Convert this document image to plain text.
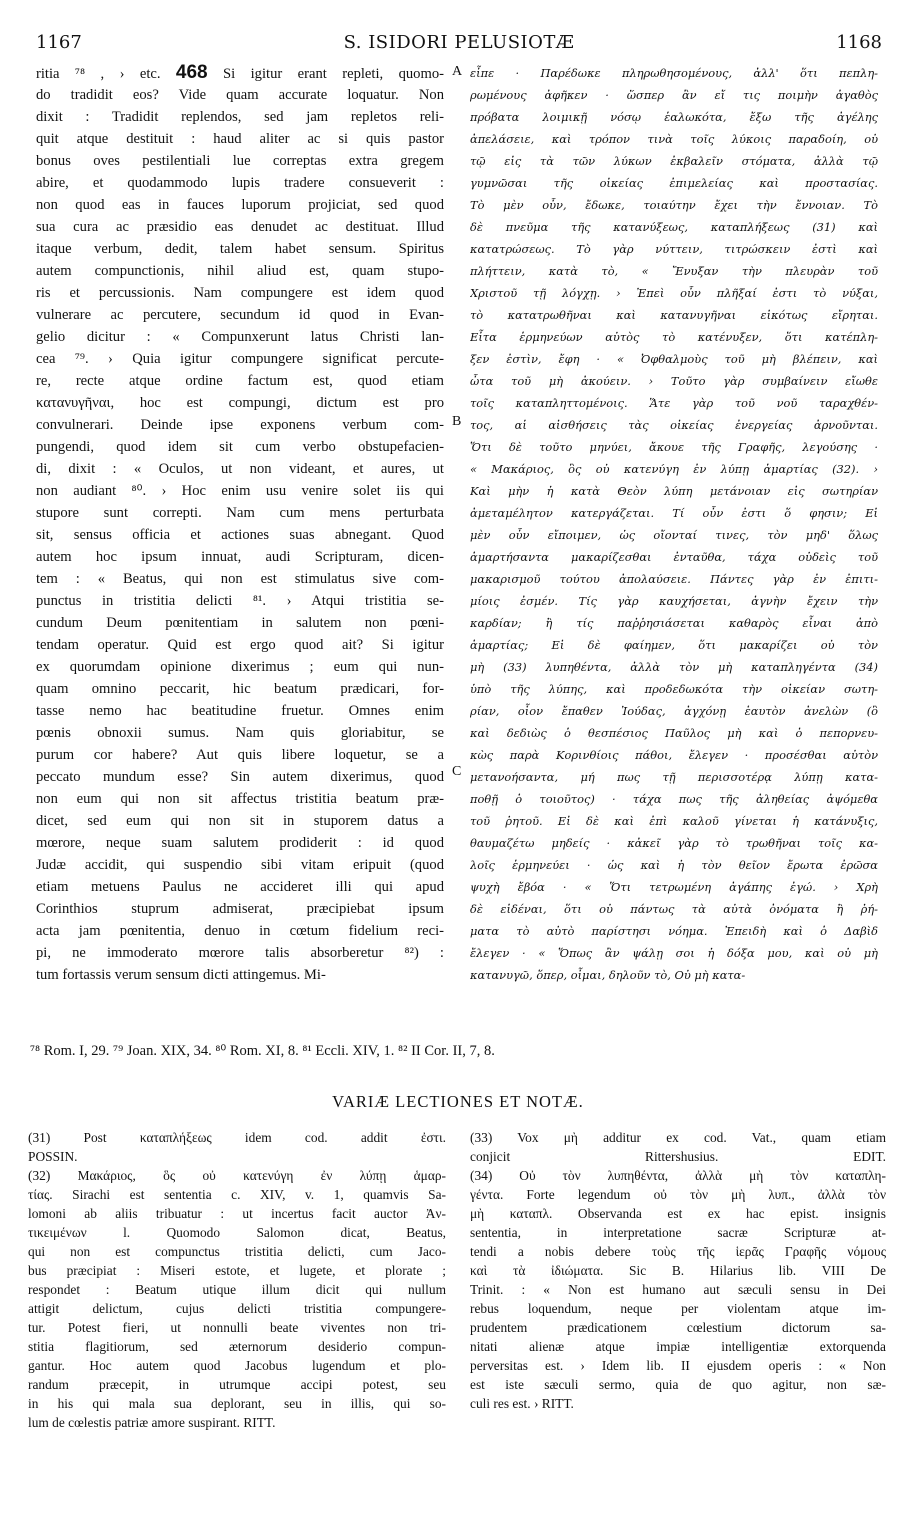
1167	S. ISIDORI PELUSIOTÆ	1168
ritia ⁷⁸ , › etc. 468 Si igitur erant repleti, quomo-
do tradidit eos? Vide quam accurate loquatur. Non
dixit : Tradidit replendos, sed jam repletos reli-
quit atque destituit : haud aliter ac si quis pastor
bonus oves pestilentiali lue correptas extra gregem
abire, et quodammodo lupis tradere consueverit :
non quod eas in fauces luporum projiciat, sed quod
sua cura ac præsidio eas denudet ac destituat. Illud
itaque verbum, dedit, talem habet sensum. Spiritus
autem compunctionis, nihil aliud est, quam stupo-
ris et percussionis. Nam compungere est idem quod
vulnerare ac percutere, secundum id quod in Evan-
gelio dicitur : « Compunxerunt latus Christi lan-
cea ⁷⁹. › Quia igitur compungere significat percute-
re, recte atque ordine factum est, quod etiam
κατανυγῆναι, hoc est compungi, dictum est pro
convulnerari. Deinde ipse exponens verbum com-
pungendi, quod idem sit cum verbo obstupefacien-
di, dixit : « Oculos, ut non videant, et aures, ut
non audiant ⁸⁰. › Hoc enim usu venire solet iis qui
stupore sunt correpti. Nam cum mens perturbata
sit, sensus officia et actiones suas abnegant. Quod
autem hoc ipsum innuat, audi Scripturam, dicen-
tem : « Beatus, qui non est stimulatus sive com-
punctus in tristitia delicti ⁸¹. › Atqui tristitia se-
cundum Deum pœnitentiam in salutem non pœni-
tendam operatur. Quid est ergo quod ait? Si igitur
ex quorumdam opinione dixerimus ; eum qui nun-
quam omnino peccarit, hic beatum prædicari, for-
tasse nemo hac beatitudine fruetur. Omnes enim
pœnis obnoxii sumus. Nam quis gloriabitur, se
purum cor habere? Aut quis libere loquetur, se a
peccato mundum esse? Sin autem dixerimus, quod
non eum qui non sit affectus tristitia beatum præ-
dicet, sed eum qui non sit in stuporem datus a
mœrore, neque suam salutem prodiderit : id quod
Judæ accidit, qui suspendio sibi vitam eripuit (quod
etiam metuens Paulus ne accideret illi qui apud
Corinthios stuprum admiserat, præcipiebat ipsum
acta jam pœnitentia, denuo in cœtum fidelium reci-
pi, ne immoderato mœrore talis absorberetur ⁸²) :
tum fortassis verum sensum dicti attingemus. Mi-
εἶπε · Παρέδωκε πληρωθησομένους, ἀλλ' ὅτι πεπλη-
ρωμένους ἀφῆκεν · ὥσπερ ἂν εἴ τις ποιμὴν ἀγαθὸς
πρόβατα λοιμικῇ νόσῳ ἑαλωκότα, ἔξω τῆς ἀγέλης
ἀπελάσειε, καὶ τρόπον τινὰ τοῖς λύκοις παραδοίη, οὐ
τῷ εἰς τὰ τῶν λύκων ἐκβαλεῖν στόματα, ἀλλὰ τῷ
γυμνῶσαι τῆς οἰκείας ἐπιμελείας καὶ προστασίας.
Τὸ μὲν οὖν, ἔδωκε, τοιαύτην ἔχει τὴν ἔννοιαν. Τὸ
δὲ πνεῦμα τῆς κατανύξεως, καταπλήξεως (31) καὶ
κατατρώσεως. Τὸ γὰρ νύττειν, τιτρώσκειν ἐστὶ καὶ
πλήττειν, κατὰ τὸ, « Ἔνυξαν τὴν πλευρὰν τοῦ
Χριστοῦ τῇ λόγχῃ. › Ἐπεὶ οὖν πλῆξαί ἐστι τὸ νύξαι,
τὸ κατατρωθῆναι καὶ κατανυγῆναι εἰκότως εἴρηται.
Εἶτα ἑρμηνεύων αὐτὸς τὸ κατένυξεν, ὅτι κατέπλη-
ξεν ἐστὶν, ἔφη · « Ὀφθαλμοὺς τοῦ μὴ βλέπειν, καὶ
ὦτα τοῦ μὴ ἀκούειν. › Τοῦτο γὰρ συμβαίνειν εἴωθε
τοῖς καταπληττομένοις. Ἅτε γὰρ τοῦ νοῦ ταραχθέν-
τος, αἱ αἰσθήσεις τὰς οἰκείας ἐνεργείας ἀρνοῦνται.
Ὅτι δὲ τοῦτο μηνύει, ἄκουε τῆς Γραφῆς, λεγούσης ·
« Μακάριος, ὃς οὐ κατενύγη ἐν λύπῃ ἁμαρτίας (32). ›
Καὶ μὴν ἡ κατὰ Θεὸν λύπη μετάνοιαν εἰς σωτηρίαν
ἀμεταμέλητον κατεργάζεται. Τί οὖν ἐστι ὅ φησιν; Εἰ
μὲν οὖν εἴποιμεν, ὡς οἴονταί τινες, τὸν μηδ' ὅλως
ἁμαρτήσαντα μακαρίζεσθαι ἐνταῦθα, τάχα οὐδεὶς τοῦ
μακαρισμοῦ τούτου ἀπολαύσειε. Πάντες γὰρ ἐν ἐπιτι-
μίοις ἐσμέν. Τίς γὰρ καυχήσεται, ἁγνὴν ἔχειν τὴν
καρδίαν; ἢ τίς παῤῥησιάσεται καθαρὸς εἶναι ἀπὸ
ἁμαρτίας; Εἰ δὲ φαίημεν, ὅτι μακαρίζει οὐ τὸν
μὴ (33) λυπηθέντα, ἀλλὰ τὸν μὴ καταπληγέντα (34)
ὑπὸ τῆς λύπης, καὶ προδεδωκότα τὴν οἰκείαν σωτη-
ρίαν, οἷον ἔπαθεν Ἰούδας, ἀγχόνῃ ἑαυτὸν ἀνελὼν (ὃ
καὶ δεδιὼς ὁ θεσπέσιος Παῦλος μὴ καὶ ὁ πεπορνευ-
κὼς παρὰ Κορινθίοις πάθοι, ἔλεγεν · προσέσθαι αὐτὸν
μετανοήσαντα, μή πως τῇ περισσοτέρᾳ λύπῃ κατα-
ποθῇ ὁ τοιοῦτος) · τάχα πως τῆς ἀληθείας ἀψόμεθα
τοῦ ῥητοῦ. Εἰ δὲ καὶ ἐπὶ καλοῦ γίνεται ἡ κατάνυξις,
θαυμαζέτω μηδείς · κἀκεῖ γὰρ τὸ τρωθῆναι τοῖς κα-
λοῖς ἑρμηνεύει · ὡς καὶ ἡ τὸν θεῖον ἔρωτα ἐρῶσα
ψυχὴ ἔβόα · « Ὅτι τετρωμένη ἀγάπης ἐγώ. › Χρὴ
δὲ εἰδέναι, ὅτι οὐ πάντως τὰ αὐτὰ ὀνόματα ἢ ῥή-
ματα τὸ αὐτὸ παρίστησι νόημα. Ἐπειδὴ καὶ ὁ Δαβὶδ
ἔλεγεν · « Ὅπως ἂν ψάλῃ σοι ἡ δόξα μου, καὶ οὐ μὴ
κατανυγῶ, ὅπερ, οἶμαι, δηλοῦν τὸ, Οὐ μὴ κατα-
A
B
C
⁷⁸ Rom. I, 29. ⁷⁹ Joan. XIX, 34. ⁸⁰ Rom. XI, 8. ⁸¹ Eccli. XIV, 1. ⁸² II Cor. II, 7, 8.
VARIÆ LECTIONES ET NOTÆ.
(31) Post καταπλήξεως idem cod. addit ἐστι.
POSSIN.
(32) Μακάριος, ὃς οὐ κατενύγη ἐν λύπῃ ἁμαρ-
τίας. Sirachi est sententia c. XIV, v. 1, quamvis Sa-
lomoni ab aliis tribuatur : ut incertus facit auctor Ἀν-
τικειμένων l. Quomodo Salomon dicat, Beatus,
qui non est compunctus tristitia delicti, cum Jaco-
bus præcipiat : Miseri estote, et lugete, et plorate ;
respondet : Beatum utique illum dicit qui nullum
attigit delictum, cujus delicti tristitia compungere-
tur. Potest fieri, ut nonnulli beate viventes non tri-
stitia flagitiorum, sed æternorum desiderio compun-
gantur. Hoc autem quod Jacobus lugendum et plo-
randum præcepit, in utrumque accipi potest, seu
in his qui mala sua deplorant, seu in illis, qui so-
lum de cœlestis patriæ amore suspirant. RITT.
(33) Vox μὴ additur ex cod. Vat., quam etiam
conjicit Rittershusius. EDIT.
(34) Οὐ τὸν λυπηθέντα, ἀλλὰ μὴ τὸν καταπλη-
γέντα. Forte legendum οὐ τὸν μὴ λυπ., ἀλλὰ τὸν
μὴ καταπλ. Observanda est ex hac epist. insignis
sententia, in interpretatione sacræ Scripturæ at-
tendi a nobis debere τοὺς τῆς ἱερᾶς Γραφῆς νόμους
καὶ τὰ ἰδιώματα. Sic B. Hilarius lib. VIII De
Trinit. : « Non est humano aut sæculi sensu in Dei
rebus loquendum, neque per violentam atque im-
prudentem prædicationem cœlestium dictorum sa-
nitati alienæ atque impiæ intelligentiæ extorquenda
perversitas est. › Idem lib. II ejusdem operis : « Non
est iste sæculi sermo, quia de quo agitur, non sæ-
culi res est. › RITT.
